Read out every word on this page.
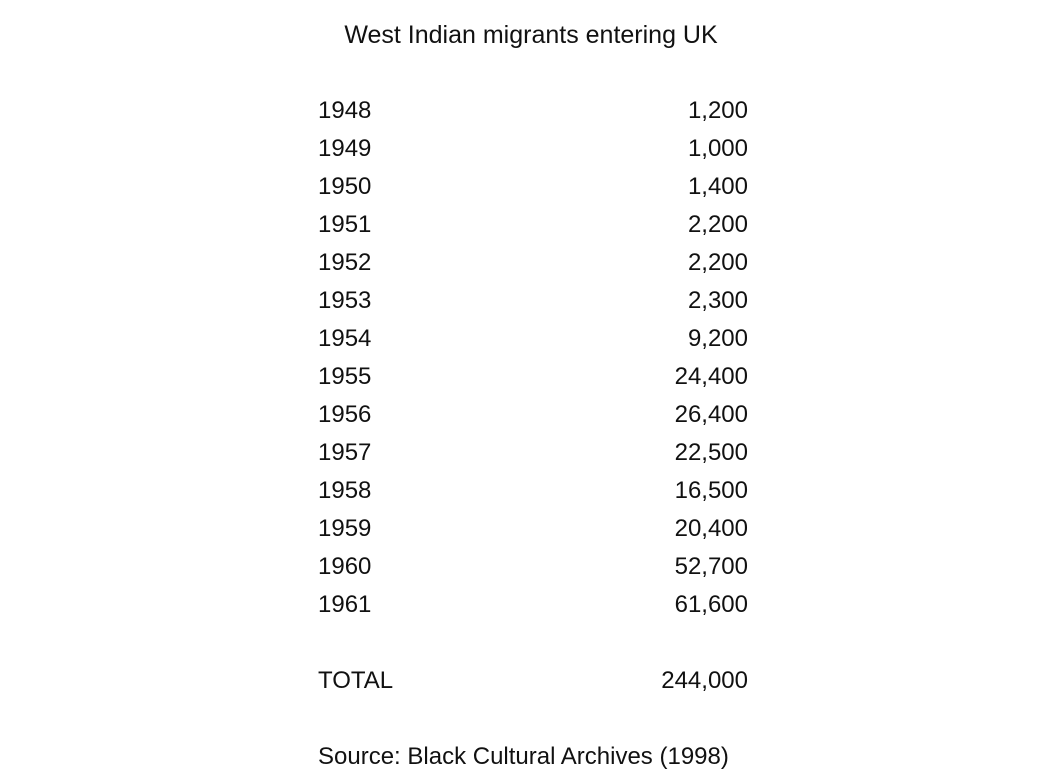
West Indian migrants entering UK
1948	1,200
1949	1,000
1950	1,400
1951	2,200
1952	2,200
1953	2,300
1954	9,200
1955	24,400
1956	26,400
1957	22,500
1958	16,500
1959	20,400
1960	52,700
1961	61,600
TOTAL	244,000
Source: Black Cultural Archives (1998)
